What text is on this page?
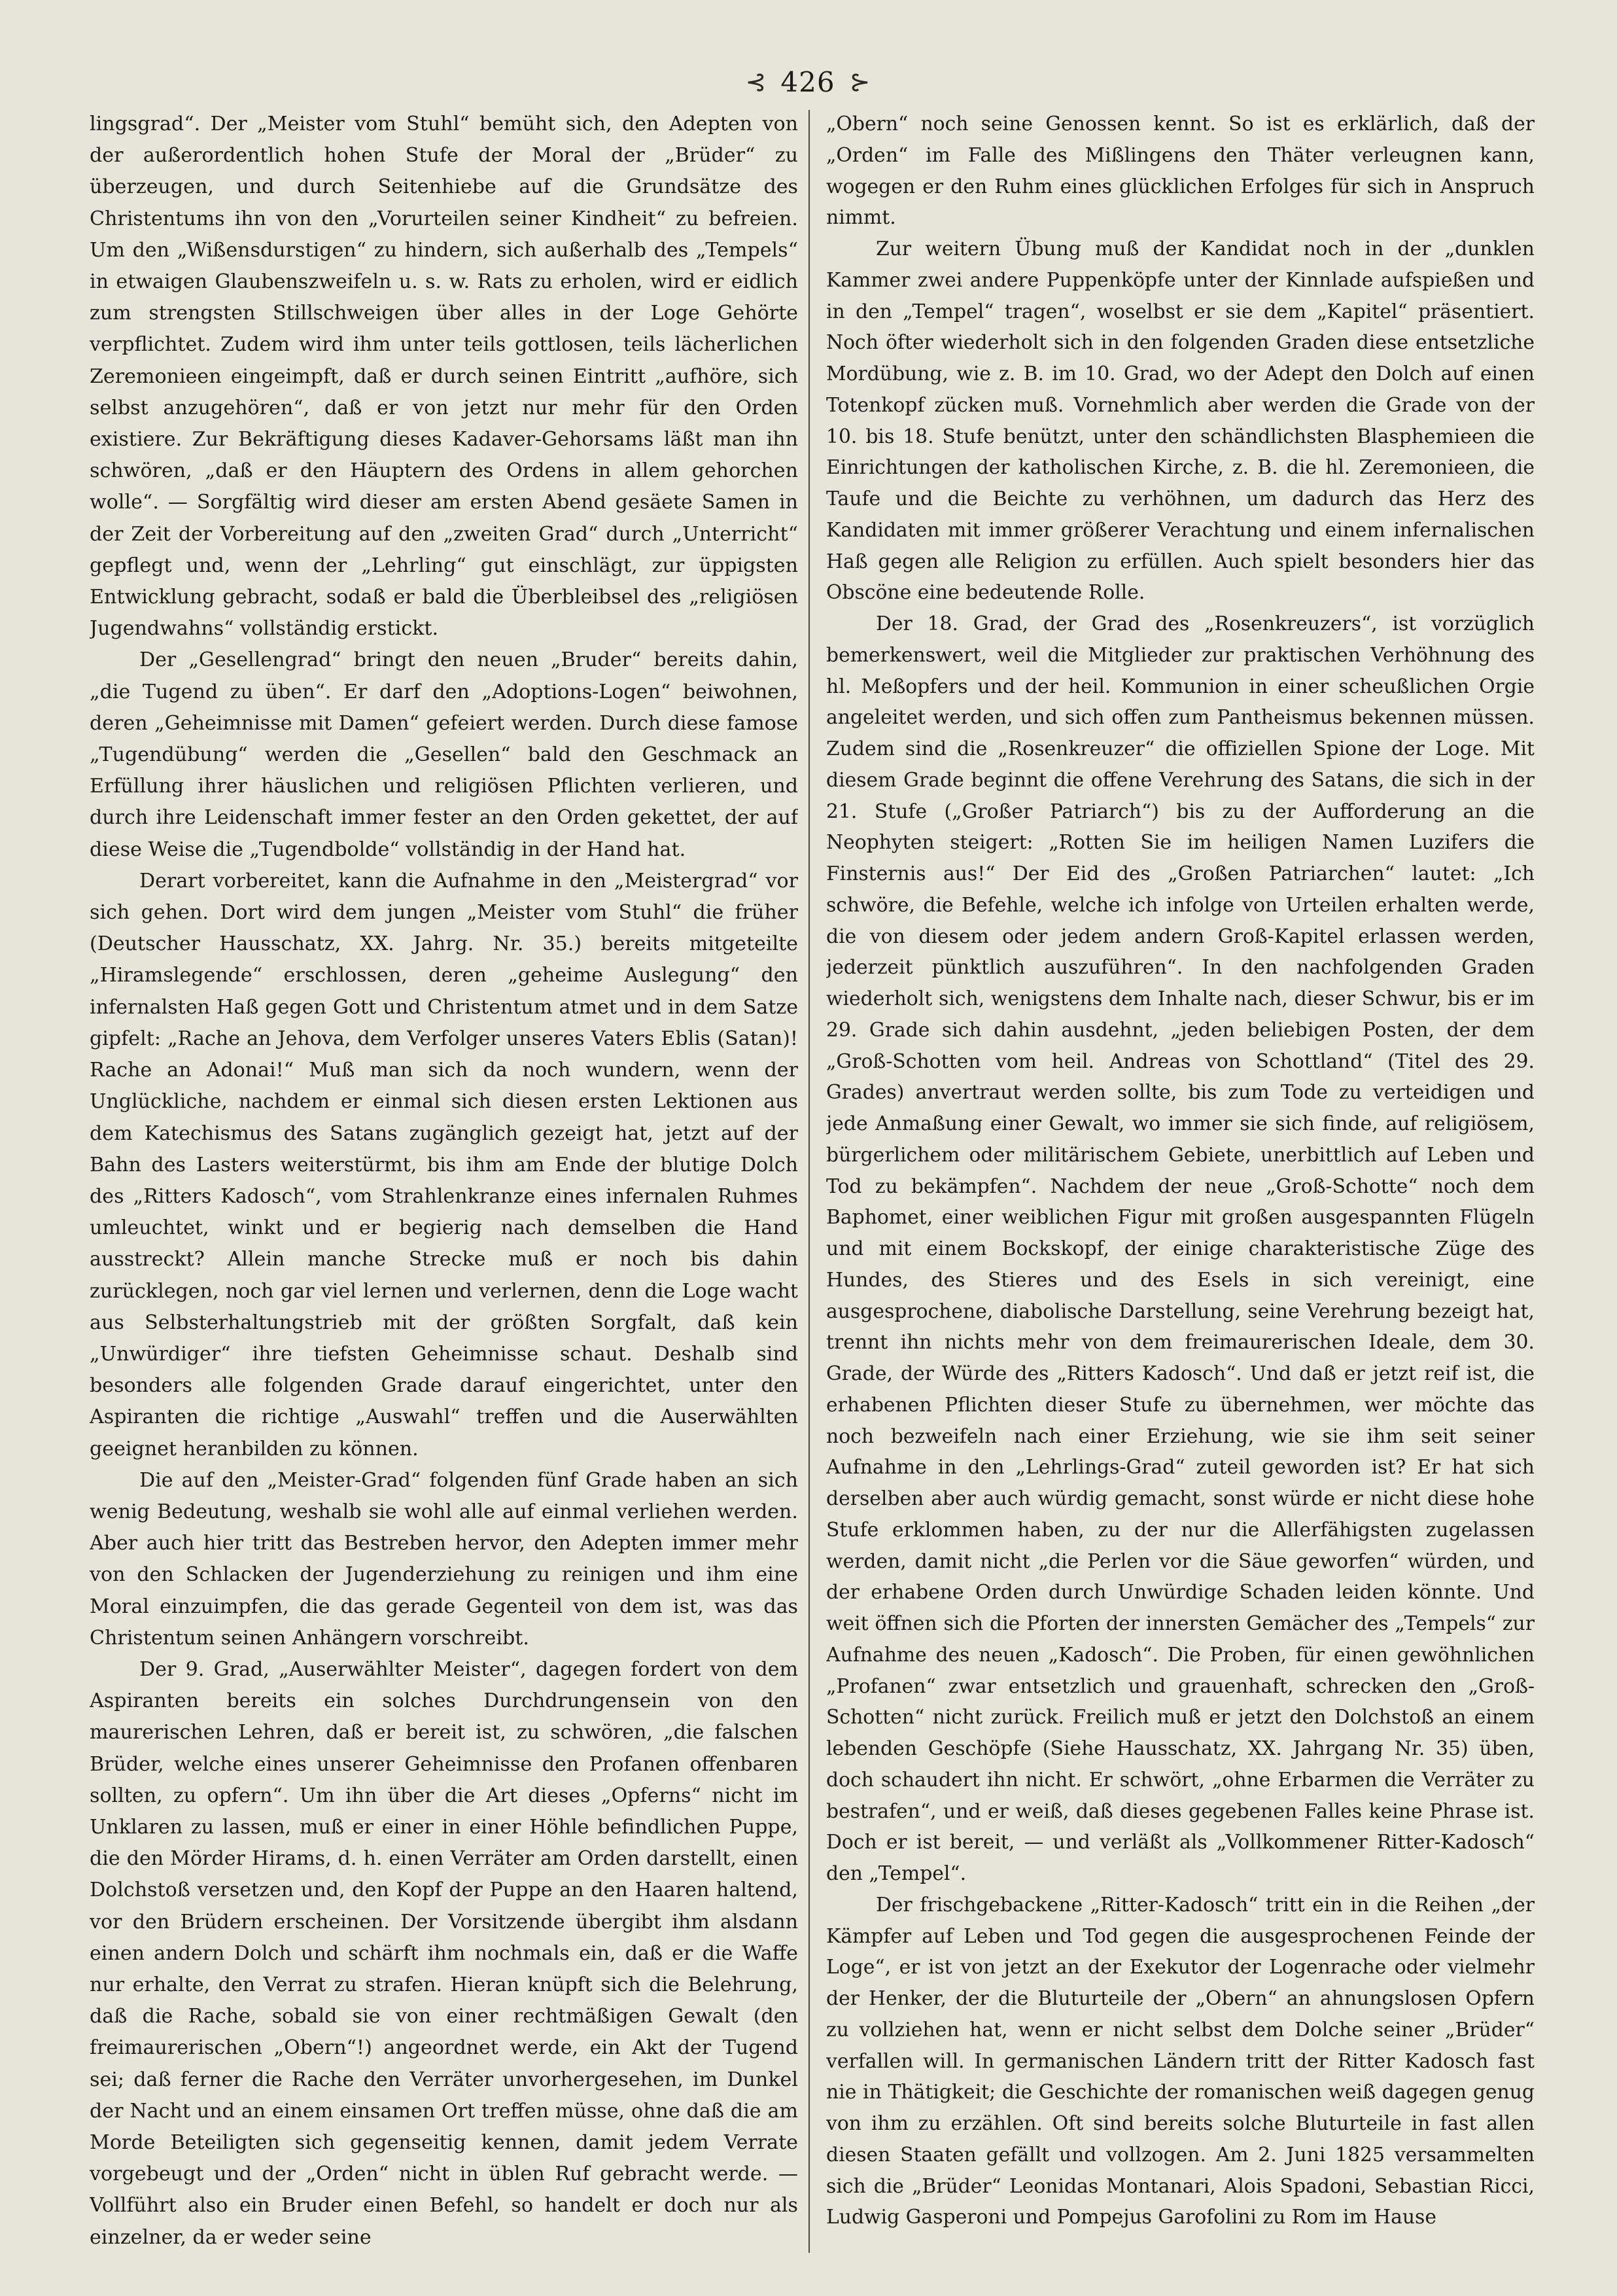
⊰ 426 ⊱

lingsgrad“. Der „Meister vom Stuhl“ bemüht sich, den Adepten von der außerordentlich hohen Stufe der Moral der „Brüder“ zu überzeugen, und durch Seitenhiebe auf die Grundsätze des Christentums ihn von den „Vorurteilen seiner Kindheit“ zu befreien. Um den „Wißensdurstigen“ zu hindern, sich außerhalb des „Tempels“ in etwaigen Glaubenszweifeln u. s. w. Rats zu erholen, wird er eidlich zum strengsten Stillschweigen über alles in der Loge Gehörte verpflichtet. Zudem wird ihm unter teils gottlosen, teils lächerlichen Zeremonieen eingeimpft, daß er durch seinen Eintritt „aufhöre, sich selbst anzugehören“, daß er von jetzt nur mehr für den Orden existiere. Zur Bekräftigung dieses Kadaver-Gehorsams läßt man ihn schwören, „daß er den Häuptern des Ordens in allem gehorchen wolle“. — Sorgfältig wird dieser am ersten Abend gesäete Samen in der Zeit der Vorbereitung auf den „zweiten Grad“ durch „Unterricht“ gepflegt und, wenn der „Lehrling“ gut einschlägt, zur üppigsten Entwicklung gebracht, sodaß er bald die Überbleibsel des „religiösen Jugendwahns“ vollständig erstickt.

Der „Gesellengrad“ bringt den neuen „Bruder“ bereits dahin, „die Tugend zu üben“. Er darf den „Adoptions-Logen“ beiwohnen, deren „Geheimnisse mit Damen“ gefeiert werden. Durch diese famose „Tugendübung“ werden die „Gesellen“ bald den Geschmack an Erfüllung ihrer häuslichen und religiösen Pflichten verlieren, und durch ihre Leidenschaft immer fester an den Orden gekettet, der auf diese Weise die „Tugendbolde“ vollständig in der Hand hat.

Derart vorbereitet, kann die Aufnahme in den „Meistergrad“ vor sich gehen. Dort wird dem jungen „Meister vom Stuhl“ die früher (Deutscher Hausschatz, XX. Jahrg. Nr. 35.) bereits mitgeteilte „Hiramslegende“ erschlossen, deren „geheime Auslegung“ den infernalsten Haß gegen Gott und Christentum atmet und in dem Satze gipfelt: „Rache an Jehova, dem Verfolger unseres Vaters Eblis (Satan)! Rache an Adonai!“ Muß man sich da noch wundern, wenn der Unglückliche, nachdem er einmal sich diesen ersten Lektionen aus dem Katechismus des Satans zugänglich gezeigt hat, jetzt auf der Bahn des Lasters weiterstürmt, bis ihm am Ende der blutige Dolch des „Ritters Kadosch“, vom Strahlenkranze eines infernalen Ruhmes umleuchtet, winkt und er begierig nach demselben die Hand ausstreckt? Allein manche Strecke muß er noch bis dahin zurücklegen, noch gar viel lernen und verlernen, denn die Loge wacht aus Selbsterhaltungstrieb mit der größten Sorgfalt, daß kein „Unwürdiger“ ihre tiefsten Geheimnisse schaut. Deshalb sind besonders alle folgenden Grade darauf eingerichtet, unter den Aspiranten die richtige „Auswahl“ treffen und die Auserwählten geeignet heranbilden zu können.

Die auf den „Meister-Grad“ folgenden fünf Grade haben an sich wenig Bedeutung, weshalb sie wohl alle auf einmal verliehen werden. Aber auch hier tritt das Bestreben hervor, den Adepten immer mehr von den Schlacken der Jugenderziehung zu reinigen und ihm eine Moral einzuimpfen, die das gerade Gegenteil von dem ist, was das Christentum seinen Anhängern vorschreibt.

Der 9. Grad, „Auserwählter Meister“, dagegen fordert von dem Aspiranten bereits ein solches Durchdrungensein von den maurerischen Lehren, daß er bereit ist, zu schwören, „die falschen Brüder, welche eines unserer Geheimnisse den Profanen offenbaren sollten, zu opfern“. Um ihn über die Art dieses „Opferns“ nicht im Unklaren zu lassen, muß er einer in einer Höhle befindlichen Puppe, die den Mörder Hirams, d. h. einen Verräter am Orden darstellt, einen Dolchstoß versetzen und, den Kopf der Puppe an den Haaren haltend, vor den Brüdern erscheinen. Der Vorsitzende übergibt ihm alsdann einen andern Dolch und schärft ihm nochmals ein, daß er die Waffe nur erhalte, den Verrat zu strafen. Hieran knüpft sich die Belehrung, daß die Rache, sobald sie von einer rechtmäßigen Gewalt (den freimaurerischen „Obern“!) angeordnet werde, ein Akt der Tugend sei; daß ferner die Rache den Verräter unvorhergesehen, im Dunkel der Nacht und an einem einsamen Ort treffen müsse, ohne daß die am Morde Beteiligten sich gegenseitig kennen, damit jedem Verrate vorgebeugt und der „Orden“ nicht in üblen Ruf gebracht werde. — Vollführt also ein Bruder einen Befehl, so handelt er doch nur als einzelner, da er weder seine

„Obern“ noch seine Genossen kennt. So ist es erklärlich, daß der „Orden“ im Falle des Mißlingens den Thäter verleugnen kann, wogegen er den Ruhm eines glücklichen Erfolges für sich in Anspruch nimmt.

Zur weitern Übung muß der Kandidat noch in der „dunklen Kammer zwei andere Puppenköpfe unter der Kinnlade aufspießen und in den „Tempel“ tragen“, woselbst er sie dem „Kapitel“ präsentiert. Noch öfter wiederholt sich in den folgenden Graden diese entsetzliche Mordübung, wie z. B. im 10. Grad, wo der Adept den Dolch auf einen Totenkopf zücken muß. Vornehmlich aber werden die Grade von der 10. bis 18. Stufe benützt, unter den schändlichsten Blasphemieen die Einrichtungen der katholischen Kirche, z. B. die hl. Zeremonieen, die Taufe und die Beichte zu verhöhnen, um dadurch das Herz des Kandidaten mit immer größerer Verachtung und einem infernalischen Haß gegen alle Religion zu erfüllen. Auch spielt besonders hier das Obscöne eine bedeutende Rolle.

Der 18. Grad, der Grad des „Rosenkreuzers“, ist vorzüglich bemerkenswert, weil die Mitglieder zur praktischen Verhöhnung des hl. Meßopfers und der heil. Kommunion in einer scheußlichen Orgie angeleitet werden, und sich offen zum Pantheismus bekennen müssen. Zudem sind die „Rosenkreuzer“ die offiziellen Spione der Loge. Mit diesem Grade beginnt die offene Verehrung des Satans, die sich in der 21. Stufe („Großer Patriarch“) bis zu der Aufforderung an die Neophyten steigert: „Rotten Sie im heiligen Namen Luzifers die Finsternis aus!“ Der Eid des „Großen Patriarchen“ lautet: „Ich schwöre, die Befehle, welche ich infolge von Urteilen erhalten werde, die von diesem oder jedem andern Groß-Kapitel erlassen werden, jederzeit pünktlich auszuführen“. In den nachfolgenden Graden wiederholt sich, wenigstens dem Inhalte nach, dieser Schwur, bis er im 29. Grade sich dahin ausdehnt, „jeden beliebigen Posten, der dem „Groß-Schotten vom heil. Andreas von Schottland“ (Titel des 29. Grades) anvertraut werden sollte, bis zum Tode zu verteidigen und jede Anmaßung einer Gewalt, wo immer sie sich finde, auf religiösem, bürgerlichem oder militärischem Gebiete, unerbittlich auf Leben und Tod zu bekämpfen“. Nachdem der neue „Groß-Schotte“ noch dem Baphomet, einer weiblichen Figur mit großen ausgespannten Flügeln und mit einem Bockskopf, der einige charakteristische Züge des Hundes, des Stieres und des Esels in sich vereinigt, eine ausgesprochene, diabolische Darstellung, seine Verehrung bezeigt hat, trennt ihn nichts mehr von dem freimaurerischen Ideale, dem 30. Grade, der Würde des „Ritters Kadosch“. Und daß er jetzt reif ist, die erhabenen Pflichten dieser Stufe zu übernehmen, wer möchte das noch bezweifeln nach einer Erziehung, wie sie ihm seit seiner Aufnahme in den „Lehrlings-Grad“ zuteil geworden ist? Er hat sich derselben aber auch würdig gemacht, sonst würde er nicht diese hohe Stufe erklommen haben, zu der nur die Allerfähigsten zugelassen werden, damit nicht „die Perlen vor die Säue geworfen“ würden, und der erhabene Orden durch Unwürdige Schaden leiden könnte. Und weit öffnen sich die Pforten der innersten Gemächer des „Tempels“ zur Aufnahme des neuen „Kadosch“. Die Proben, für einen gewöhnlichen „Profanen“ zwar entsetzlich und grauenhaft, schrecken den „Groß-Schotten“ nicht zurück. Freilich muß er jetzt den Dolchstoß an einem lebenden Geschöpfe (Siehe Hausschatz, XX. Jahrgang Nr. 35) üben, doch schaudert ihn nicht. Er schwört, „ohne Erbarmen die Verräter zu bestrafen“, und er weiß, daß dieses gegebenen Falles keine Phrase ist. Doch er ist bereit, — und verläßt als „Vollkommener Ritter-Kadosch“ den „Tempel“.

Der frischgebackene „Ritter-Kadosch“ tritt ein in die Reihen „der Kämpfer auf Leben und Tod gegen die ausgesprochenen Feinde der Loge“, er ist von jetzt an der Exekutor der Logenrache oder vielmehr der Henker, der die Bluturteile der „Obern“ an ahnungslosen Opfern zu vollziehen hat, wenn er nicht selbst dem Dolche seiner „Brüder“ verfallen will. In germanischen Ländern tritt der Ritter Kadosch fast nie in Thätigkeit; die Geschichte der romanischen weiß dagegen genug von ihm zu erzählen. Oft sind bereits solche Bluturteile in fast allen diesen Staaten gefällt und vollzogen. Am 2. Juni 1825 versammelten sich die „Brüder“ Leonidas Montanari, Alois Spadoni, Sebastian Ricci, Ludwig Gasperoni und Pompejus Garofolini zu Rom im Hause
